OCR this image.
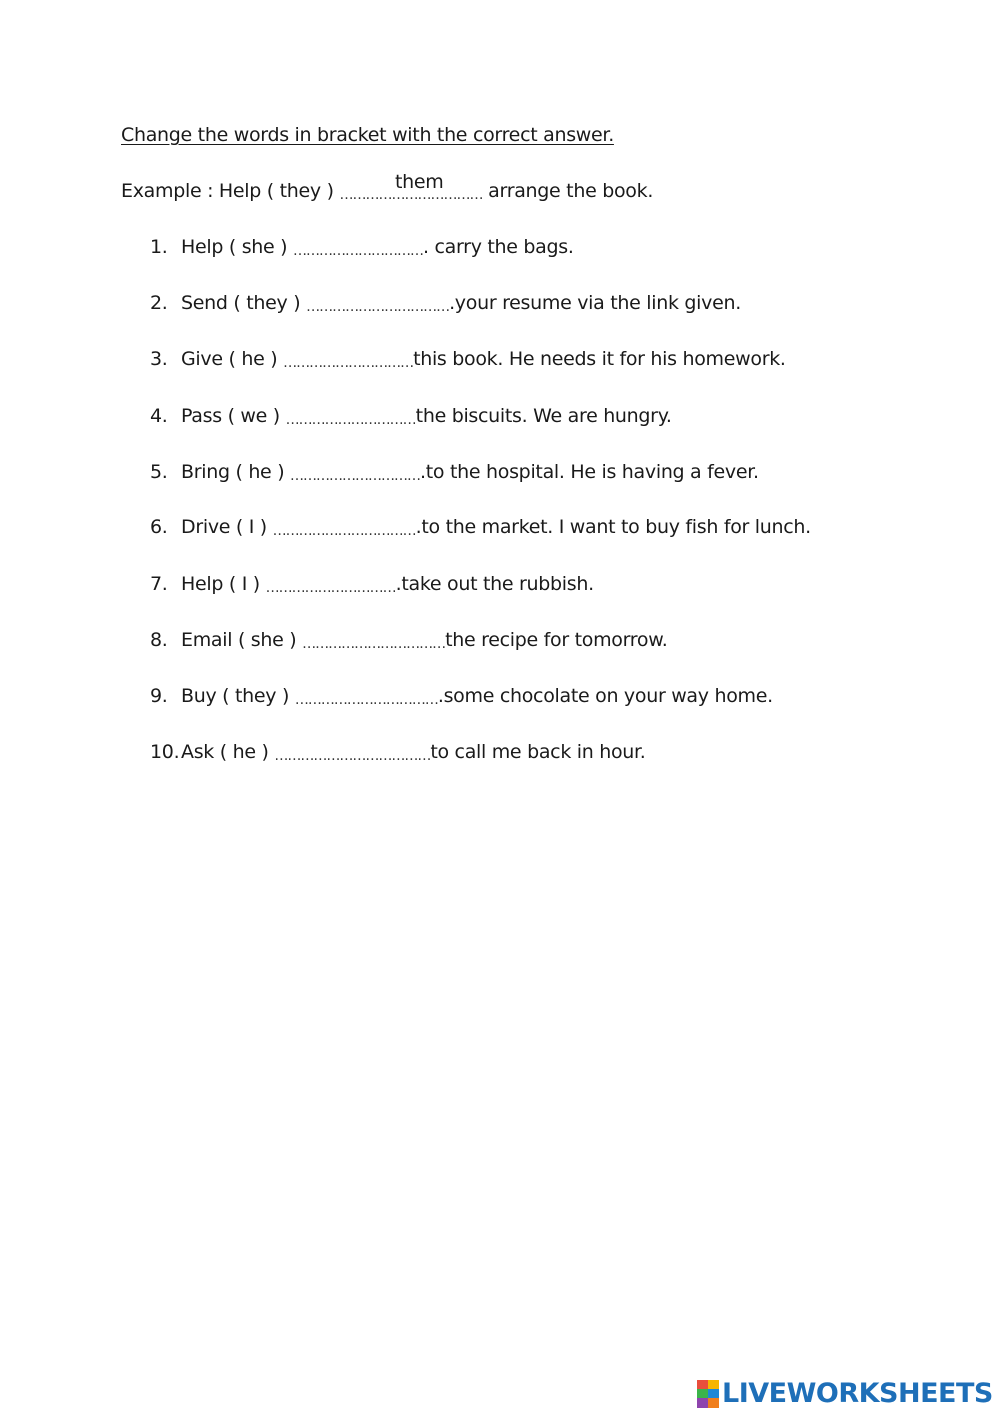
Change the words in bracket with the correct answer.
them
Example : Help ( they ) …………………………… arrange the book.
1. Help ( she ) …………………………. carry the bags.
2. Send ( they ) …………………………….your resume via the link given.
3. Give ( he ) …………………………this book. He needs it for his homework.
4. Pass ( we ) …………………………the biscuits. We are hungry.
5. Bring ( he ) ………………………….to the hospital. He is having a fever.
6. Drive ( I ) …………………………….to the market. I want to buy fish for lunch.
7. Help ( I ) ………………………….take out the rubbish.
8. Email ( she ) ……………………………the recipe for tomorrow.
9. Buy ( they ) …………………………….some chocolate on your way home.
10. Ask ( he ) ………………………………to call me back in hour.
LIVEWORKSHEETS
